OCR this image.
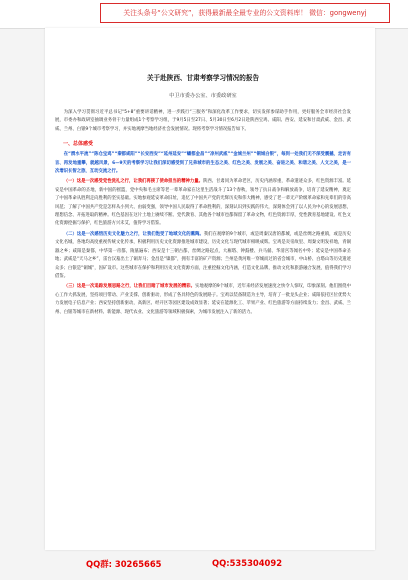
关注头条号“公文研究”，获得最新最全最专业的公文资料库！ 微信：gongwenyj
关于赴陕西、甘肃考察学习情况的报告
中卫市委办公室、市委政研室

为深入学习贯彻习近平总书记“5+8”重要讲话精神，进一步践行“三服务”和深化改革工作要求，切实发挥参谋助手作用，更好服务全市经济社会发展，市委办和政研室抽调业务骨干力量组成1个考察学习组，于9月5日至27日、5月30日至6月2日赴陕西宝鸡、咸阳、西安、延安和甘肃武威、金昌、武威、兰州、白银9个城市考察学习，并实地观摩当地经济社会发展情况。现将考察学习情况报告如下。

一、总体感受

在“渭水平流”“陈仓宝鸡”“秦都咸阳”“长安西安”“延州延安”“蟠都金昌”“凉州武威”“金城兰州”“铜城白银”，每到一处我们无不深受震撼，走访有言、再发地重攀，就越风景，6—9天的考察学习让我们深切感受到了兄弟城市的生态之美、红色之美、发展之美、奋进之美、和谐之美、人文之美，是一次增识长智之旅、互动交流之行。

（一）这是一次感受党性洗礼之行，让我们再接了使命担当的精神力量。陕西、甘肃同为革命老区，历史内涵厚重，革命遗迹众多，红色资源丰富。延安是中国革命的圣地，新中国的摇篮，党中央和毛主席等老一辈革命家在这里生活战斗了13个春秋，领导了抗日战争和解放战争，培育了延安精神，奠定了中国革命从胜利走向胜利的坚实基础。实地参观延安革命旧址，追忆了中国共产党的光辉历史和伟大精神，感受了老一辈无产阶级革命家和先辈们的崇高风范；了解了中国共产党是怎样从小到大、由弱变强，领导中国人民取得了革命胜利的，深刻认识到实践的伟大，深刻体会到了以人民为中心的发展思想，理想信念、开拓进取的精神。红色基因在这片土地上赓续不断。党代教育、其他各个城市也都保留了革命文物，红色资源丰厚，党性教育基地建设、红色文化资源挖掘与保护，红色旅游方兴未艾，值得学习借鉴。

（二）这是一次感悟历史文化魅力之行，让我们饱受了地域文化的熏陶。我们在观摩的9个城市，或是周秦汉唐的都城，或是丝绸之路重镇，或是历史文化名城，各地均高度重视传统文化传承，积极利用历史文化资源推进城市建设，历史文化与现代城市相映成辉。宝鸡是炎帝故里、周秦文明发祥地，青铜器之乡；咸阳是秦都，中华第一帝都，陵墓遍布；西安是十三朝古都，丝绸之路起点，大雁塔、钟鼓楼、兵马俑、华清宫等闻名中外；延安是中国革命圣地；武威是“天马之乡”，雷台汉墓出土了铜奔马；金昌是“镍都”，拥有丰富的矿产资源；兰州是黄河唯一穿城而过的省会城市，中山桥、白塔山等历史遗迹众多；白银是“铜城”，因矿设市。这些城市在保护和利用历史文化资源方面，注重挖掘文化内涵，打造文化品牌，推动文化和旅游融合发展，值得我们学习借鉴。

（三）这是一次追踪发展思路之行，让我们目睹了城市发展的精彩。实地观摩的9个城市，近年来经济发展速度之快令人惊叹，印象深刻。他们围绕中心工作大抓发展，坚持项目带动、产业支撑、创新驱动，形成了各具特色的发展路子。宝鸡以装备制造为主导，培育了一批龙头企业；咸阳依托区位优势大力发展电子信息产业；西安坚持创新驱动，高新区、经开区等园区建设成效显著；延安在能源化工、苹果产业、红色旅游等方面持续发力；金昌、武威、兰州、白银等城市在新材料、新能源、现代农业、文化旅游等领域积极探索，为城市发展注入了新的活力。

QQ群: 30265665	QQ:535304092
